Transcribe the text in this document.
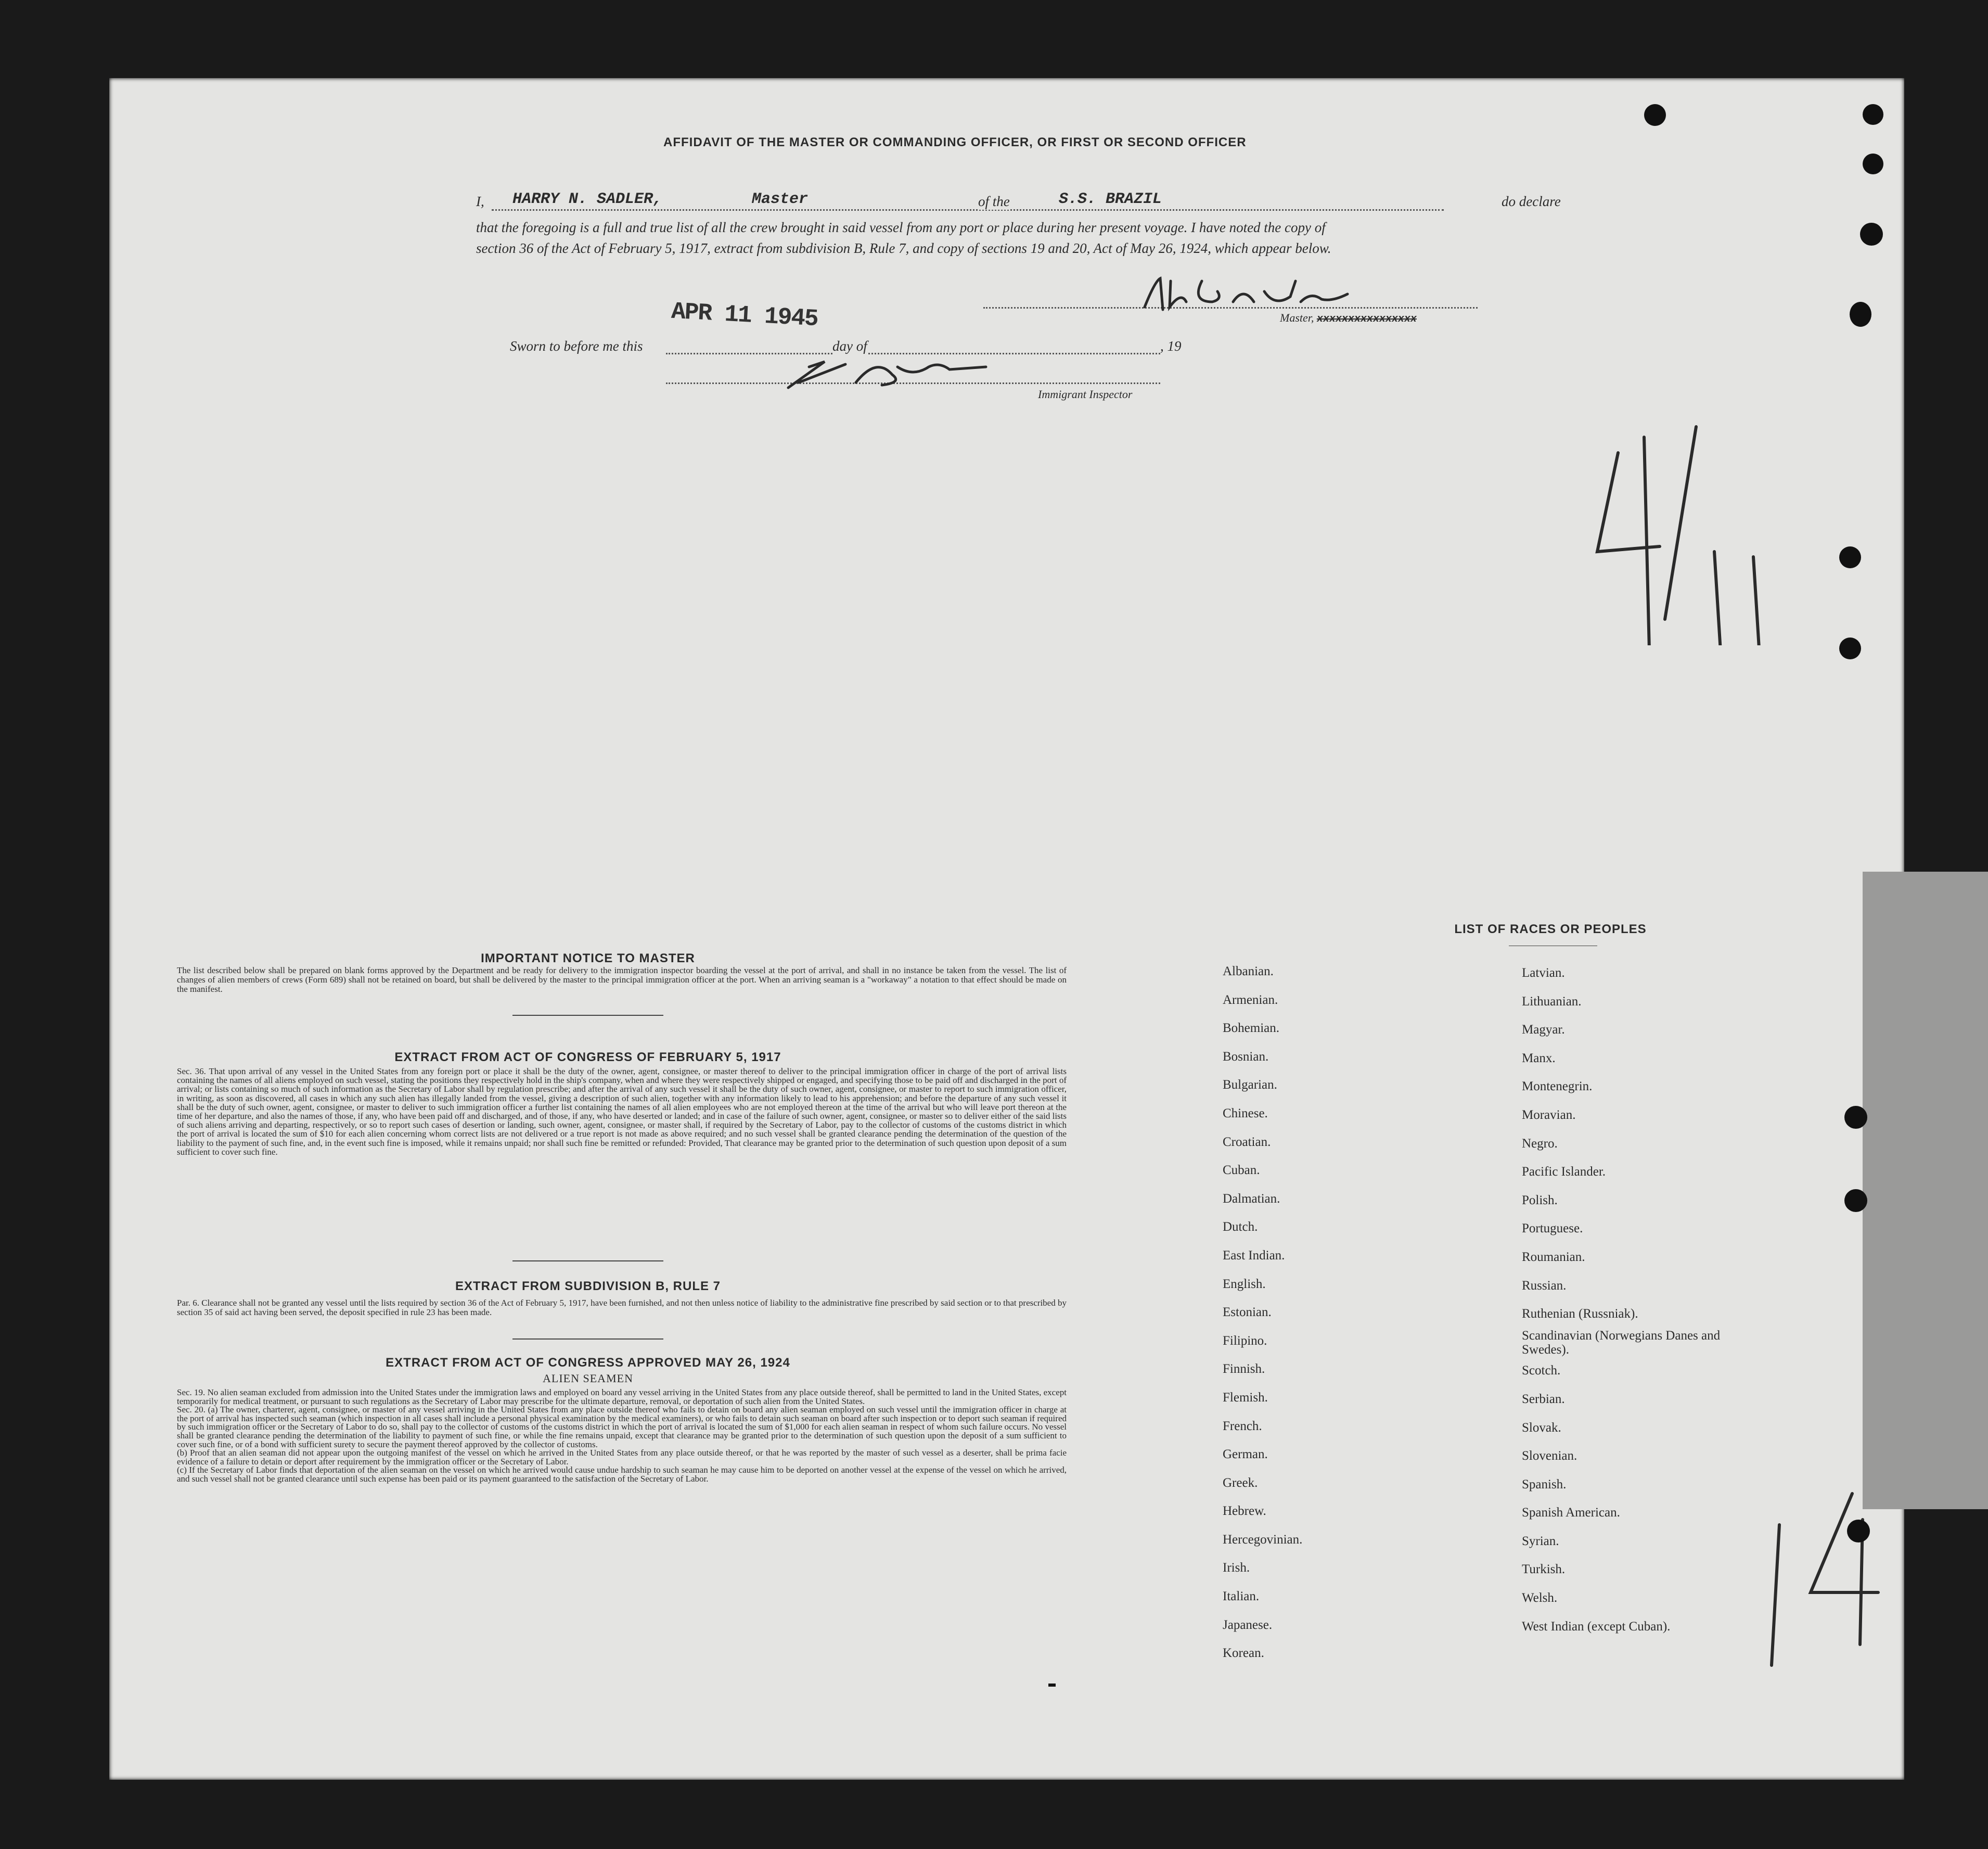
AFFIDAVIT OF THE MASTER OR COMMANDING OFFICER, OR FIRST OR SECOND OFFICER
I, HARRY N. SADLER,	Master	of the	S.S. BRAZIL	do declare
that the foregoing is a full and true list of all the crew brought in said vessel from any port or place during her present voyage. I have noted the copy of
section 36 of the Act of February 5, 1917, extract from subdivision B, Rule 7, and copy of sections 19 and 20, Act of May 26, 1924, which appear below.
APR 11 1945	Master, xxxxxxxxxxxxxxxx
Sworn to before me this	day of	, 19
Immigrant Inspector
IMPORTANT NOTICE TO MASTER
The list described below shall be prepared on blank forms approved by the Department and be ready for delivery to the immigration inspector boarding the vessel at the port of arrival, and shall in no instance be taken from the vessel. The list of changes of alien members of crews (Form 689) shall not be retained on board, but shall be delivered by the master to the principal immigration officer at the port. When an arriving seaman is a "workaway" a notation to that effect should be made on the manifest.
EXTRACT FROM ACT OF CONGRESS OF FEBRUARY 5, 1917
Sec. 36. That upon arrival of any vessel in the United States from any foreign port or place it shall be the duty of the owner, agent, consignee, or master thereof to deliver to the principal immigration officer in charge of the port of arrival lists containing the names of all aliens employed on such vessel, stating the positions they respectively hold in the ship's company, when and where they were respectively shipped or engaged, and specifying those to be paid off and discharged in the port of arrival; or lists containing so much of such information as the Secretary of Labor shall by regulation prescribe; and after the arrival of any such vessel it shall be the duty of such owner, agent, consignee, or master to report to such immigration officer, in writing, as soon as discovered, all cases in which any such alien has illegally landed from the vessel, giving a description of such alien, together with any information likely to lead to his apprehension; and before the departure of any such vessel it shall be the duty of such owner, agent, consignee, or master to deliver to such immigration officer a further list containing the names of all alien employees who are not employed thereon at the time of the arrival but who will leave port thereon at the time of her departure, and also the names of those, if any, who have been paid off and discharged, and of those, if any, who have deserted or landed; and in case of the failure of such owner, agent, consignee, or master so to deliver either of the said lists of such aliens arriving and departing, respectively, or so to report such cases of desertion or landing, such owner, agent, consignee, or master shall, if required by the Secretary of Labor, pay to the collector of customs of the customs district in which the port of arrival is located the sum of $10 for each alien concerning whom correct lists are not delivered or a true report is not made as above required; and no such vessel shall be granted clearance pending the determination of the question of the liability to the payment of such fine, and, in the event such fine is imposed, while it remains unpaid; nor shall such fine be remitted or refunded: Provided, That clearance may be granted prior to the determination of such question upon deposit of a sum sufficient to cover such fine.
EXTRACT FROM SUBDIVISION B, RULE 7
Par. 6. Clearance shall not be granted any vessel until the lists required by section 36 of the Act of February 5, 1917, have been furnished, and not then unless notice of liability to the administrative fine prescribed by said section or to that prescribed by section 35 of said act having been served, the deposit specified in rule 23 has been made.
EXTRACT FROM ACT OF CONGRESS APPROVED MAY 26, 1924
ALIEN SEAMEN
Sec. 19. No alien seaman excluded from admission into the United States under the immigration laws and employed on board any vessel arriving in the United States from any place outside thereof, shall be permitted to land in the United States, except temporarily for medical treatment, or pursuant to such regulations as the Secretary of Labor may prescribe for the ultimate departure, removal, or deportation of such alien from the United States.
Sec. 20. (a) The owner, charterer, agent, consignee, or master of any vessel arriving in the United States from any place outside thereof who fails to detain on board any alien seaman employed on such vessel until the immigration officer in charge at the port of arrival has inspected such seaman (which inspection in all cases shall include a personal physical examination by the medical examiners), or who fails to detain such seaman on board after such inspection or to deport such seaman if required by such immigration officer or the Secretary of Labor to do so, shall pay to the collector of customs of the customs district in which the port of arrival is located the sum of $1,000 for each alien seaman in respect of whom such failure occurs. No vessel shall be granted clearance pending the determination of the liability to payment of such fine, or while the fine remains unpaid, except that clearance may be granted prior to the determination of such question upon the deposit of a sum sufficient to cover such fine, or of a bond with sufficient surety to secure the payment thereof approved by the collector of customs.
(b) Proof that an alien seaman did not appear upon the outgoing manifest of the vessel on which he arrived in the United States from any place outside thereof, or that he was reported by the master of such vessel as a deserter, shall be prima facie evidence of a failure to detain or deport after requirement by the immigration officer or the Secretary of Labor.
(c) If the Secretary of Labor finds that deportation of the alien seaman on the vessel on which he arrived would cause undue hardship to such seaman he may cause him to be deported on another vessel at the expense of the vessel on which he arrived, and such vessel shall not be granted clearance until such expense has been paid or its payment guaranteed to the satisfaction of the Secretary of Labor.
LIST OF RACES OR PEOPLES
Albanian.
Armenian.
Bohemian.
Bosnian.
Bulgarian.
Chinese.
Croatian.
Cuban.
Dalmatian.
Dutch.
East Indian.
English.
Estonian.
Filipino.
Finnish.
Flemish.
French.
German.
Greek.
Hebrew.
Hercegovinian.
Irish.
Italian.
Japanese.
Korean.
Latvian.
Lithuanian.
Magyar.
Manx.
Montenegrin.
Moravian.
Negro.
Pacific Islander.
Polish.
Portuguese.
Roumanian.
Russian.
Ruthenian (Russniak).
Scandinavian (Norwegians Danes and Swedes).
Scotch.
Serbian.
Slovak.
Slovenian.
Spanish.
Spanish American.
Syrian.
Turkish.
Welsh.
West Indian (except Cuban).
